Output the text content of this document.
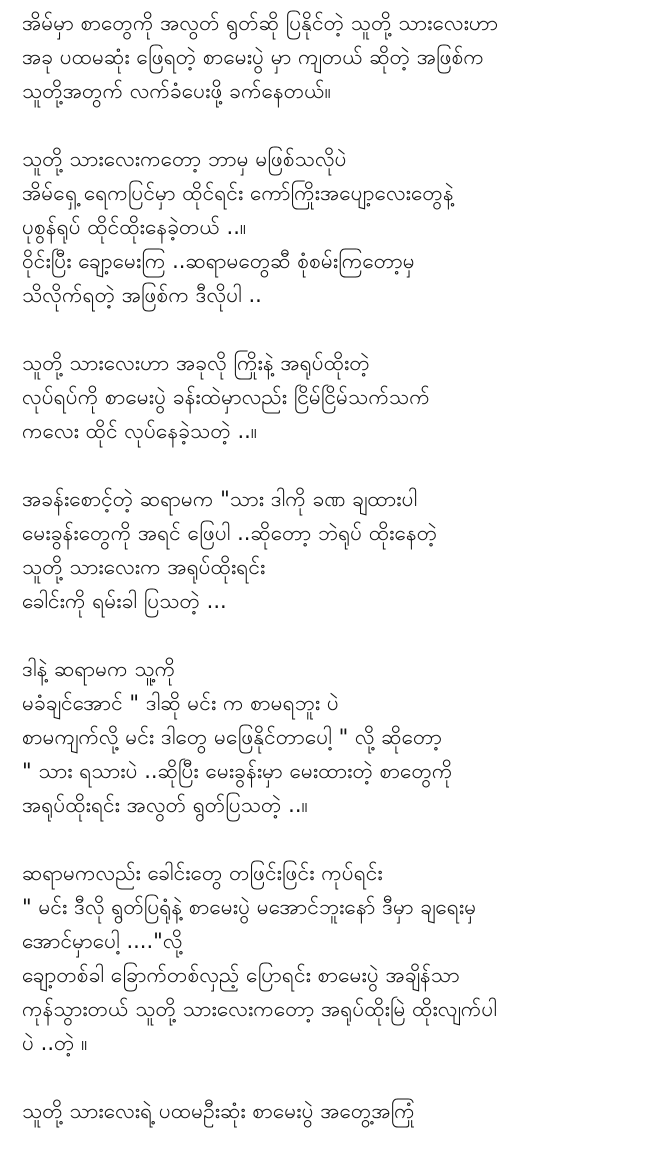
အိမ်မှာ စာတွေကို အလွတ် ရွတ်ဆို ပြနိုင်တဲ့ သူတို့ သားလေးဟာ
အခု ပထမဆုံး ဖြေရတဲ့ စာမေးပွဲ မှာ ကျတယ် ဆိုတဲ့ အဖြစ်က
သူတို့အတွက် လက်ခံပေးဖို့ ခက်နေတယ်။

သူတို့ သားလေးကတော့ ဘာမှ မဖြစ်သလိုပဲ
အိမ်ရှေ့ ရေကပြင်မှာ ထိုင်ရင်း ကော်ကြိုးအပျော့လေးတွေနဲ့
ပုစွန်ရုပ် ထိုင်ထိုးနေခဲ့တယ် ..။
ဝိုင်းပြီး ချော့မေးကြ ..ဆရာမတွေဆီ စုံစမ်းကြတော့မှ
သိလိုက်ရတဲ့ အဖြစ်က ဒီလိုပါ ..

သူတို့ သားလေးဟာ အခုလို ကြိုးနဲ့ အရုပ်ထိုးတဲ့
လုပ်ရပ်ကို စာမေးပွဲ ခန်းထဲမှာလည်း ငြိမ်ငြိမ်သက်သက်
ကလေး ထိုင် လုပ်နေခဲ့သတဲ့ ..။

အခန်းစောင့်တဲ့ ဆရာမက "သား ဒါကို ခဏ ချထားပါ
မေးခွန်းတွေကို အရင် ဖြေပါ ..ဆိုတော့ ဘဲရုပ် ထိုးနေတဲ့
သူတို့ သားလေးက အရုပ်ထိုးရင်း
ခေါင်းကို ရမ်းခါ ပြသတဲ့ ...

ဒါနဲ့ ဆရာမက သူ့ကို
မခံချင်အောင် " ဒါဆို မင်း က စာမရဘူး ပဲ
စာမကျက်လို့ မင်း ဒါတွေ မဖြေနိုင်တာပေါ့ " လို့ ဆိုတော့
" သား ရသားပဲ ..ဆိုပြီး မေးခွန်းမှာ မေးထားတဲ့ စာတွေကို
အရုပ်ထိုးရင်း အလွတ် ရွတ်ပြသတဲ့ ..။

ဆရာမကလည်း ခေါင်းတွေ တဖြင်းဖြင်း ကုပ်ရင်း
" မင်း ဒီလို ရွတ်ပြရုံနဲ့ စာမေးပွဲ မအောင်ဘူးနော် ဒီမှာ ချရေးမှ
အောင်မှာပေါ့ ...."လို့
ချော့တစ်ခါ ခြောက်တစ်လှည့် ပြောရင်း စာမေးပွဲ အချိန်သာ
ကုန်သွားတယ် သူတို့ သားလေးကတော့ အရုပ်ထိုးမြဲ ထိုးလျက်ပါ
ပဲ ..တဲ့ ။

သူတို့ သားလေးရဲ့ ပထမဦးဆုံး စာမေးပွဲ အတွေ့အကြုံ
